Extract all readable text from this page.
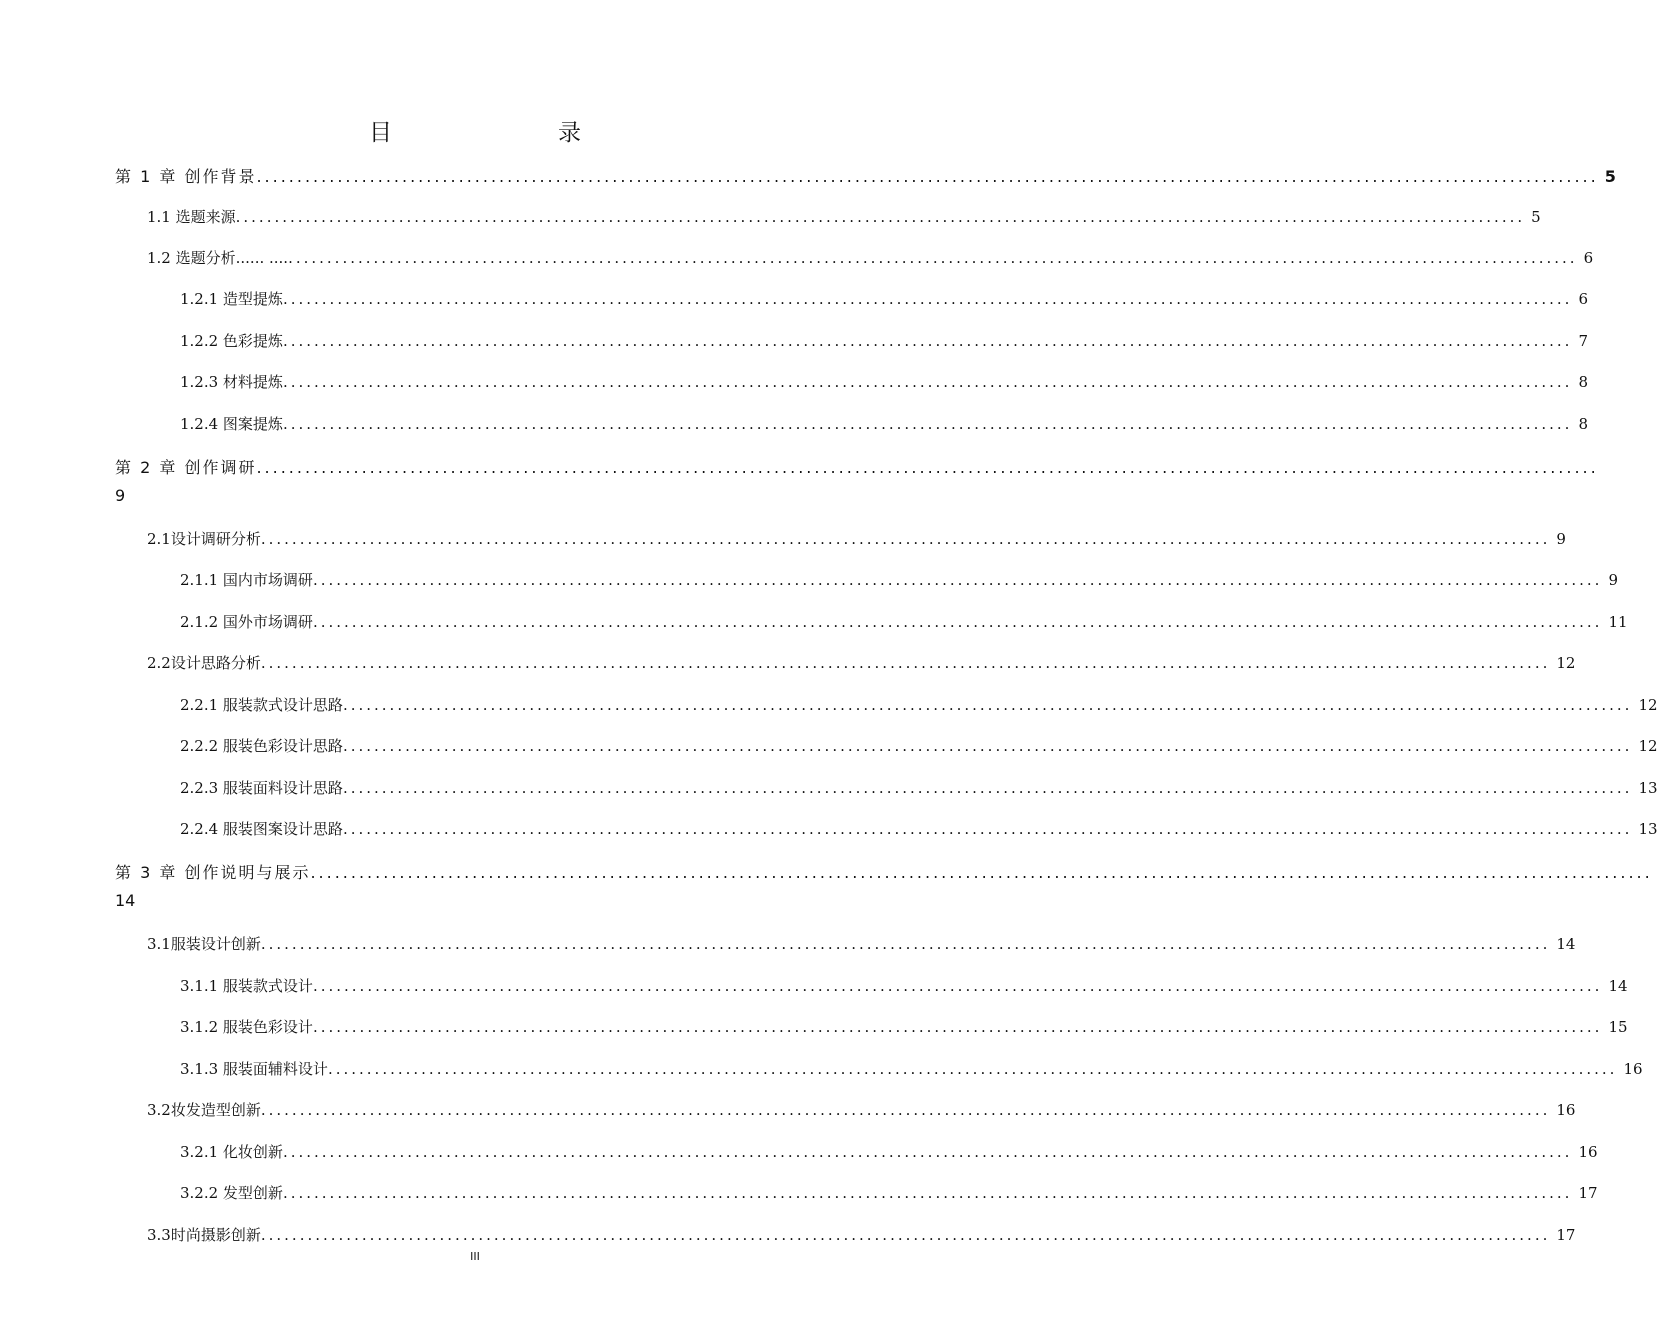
目　　录
第 1 章 创作背景 ...................................................................................................................................................................... 5
1.1 选题来源 ...................................................................................................................................................................... 5
1.2 选题分析...... .... ...................................................................................................................................................................... 6
1.2.1 造型提炼 ...................................................................................................................................................................... 6
1.2.2 色彩提炼 ...................................................................................................................................................................... 7
1.2.3 材料提炼 ...................................................................................................................................................................... 8
1.2.4 图案提炼 ...................................................................................................................................................................... 8
第 2 章 创作调研 ......................................................................................................................................................................
9
2.1设计调研分析 ...................................................................................................................................................................... 9
2.1.1 国内市场调研 ...................................................................................................................................................................... 9
2.1.2 国外市场调研 ...................................................................................................................................................................... 11
2.2设计思路分析 ...................................................................................................................................................................... 12
2.2.1 服装款式设计思路 ...................................................................................................................................................................... 12
2.2.2 服装色彩设计思路 ...................................................................................................................................................................... 12
2.2.3 服装面料设计思路 ...................................................................................................................................................................... 13
2.2.4 服装图案设计思路 ...................................................................................................................................................................... 13
第 3 章 创作说明与展示 ......................................................................................................................................................................
14
3.1服装设计创新 ...................................................................................................................................................................... 14
3.1.1 服装款式设计 ...................................................................................................................................................................... 14
3.1.2 服装色彩设计 ...................................................................................................................................................................... 15
3.1.3 服装面辅料设计 ...................................................................................................................................................................... 16
3.2妆发造型创新 ...................................................................................................................................................................... 16
3.2.1 化妆创新 ...................................................................................................................................................................... 16
3.2.2 发型创新 ...................................................................................................................................................................... 17
3.3时尚摄影创新 ...................................................................................................................................................................... 17
III
